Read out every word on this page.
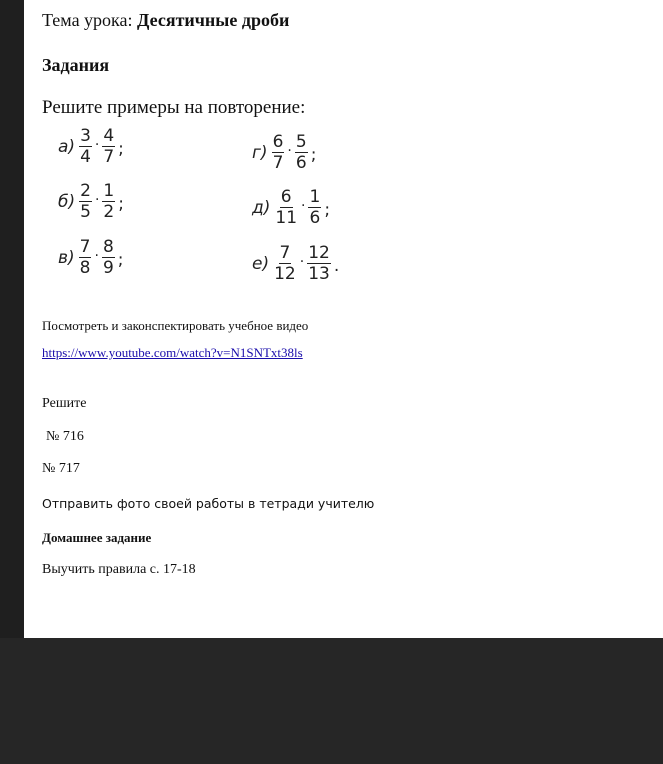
Тема урока: Десятичные дроби
Задания
Решите примеры на повторение:
$а) \frac{3}{4} \cdot \frac{4}{7}$ ;
$б) \frac{2}{5} \cdot \frac{1}{2}$ ;
$в) \frac{7}{8} \cdot \frac{8}{9}$ ;
$г) \frac{6}{7} \cdot \frac{5}{6}$ ;
$д) \frac{6}{11} \cdot \frac{1}{6}$ ;
$е) \frac{7}{12} \cdot \frac{12}{13}$ .
Посмотреть и законспектировать учебное видео
https://www.youtube.com/watch?v=N1SNTxt38ls
Решите
№ 716
№ 717
Отправить фото своей работы в тетради учителю
Домашнее задание
Выучить правила с. 17-18
